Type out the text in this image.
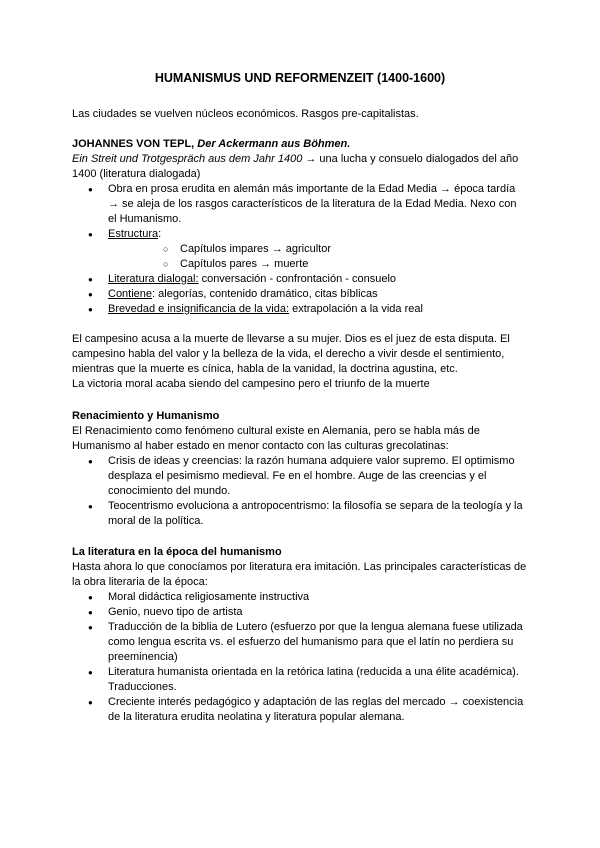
HUMANISMUS UND REFORMENZEIT (1400-1600)

Las ciudades se vuelven núcleos económicos. Rasgos pre-capitalistas.

JOHANNES VON TEPL, Der Ackermann aus Böhmen.

Ein Streit und Trotgespräch aus dem Jahr 1400 → una lucha y consuelo dialogados del año 1400 (literatura dialogada)

● Obra en prosa erudita en alemán más importante de la Edad Media → época tardía → se aleja de los rasgos característicos de la literatura de la Edad Media. Nexo con el Humanismo.
● Estructura:
○ Capítulos impares → agricultor
○ Capítulos pares → muerte
● Literatura dialogal: conversación - confrontación - consuelo
● Contiene: alegorías, contenido dramático, citas bíblicas
● Brevedad e insignificancia de la vida: extrapolación a la vida real

El campesino acusa a la muerte de llevarse a su mujer. Dios es el juez de esta disputa. El campesino habla del valor y la belleza de la vida, el derecho a vivir desde el sentimiento, mientras que la muerte es cínica, habla de la vanidad, la doctrina agustina, etc.

La victoria moral acaba siendo del campesino pero el triunfo de la muerte

Renacimiento y Humanismo

El Renacimiento como fenómeno cultural existe en Alemania, pero se habla más de Humanismo al haber estado en menor contacto con las culturas grecolatinas:

● Crisis de ideas y creencias: la razón humana adquiere valor supremo. El optimismo desplaza el pesimismo medieval. Fe en el hombre. Auge de las creencias y el conocimiento del mundo.
● Teocentrismo evoluciona a antropocentrismo: la filosofía se separa de la teología y la moral de la política.

La literatura en la época del humanismo

Hasta ahora lo que conocíamos por literatura era imitación. Las principales características de la obra literaria de la época:

● Moral didáctica religiosamente instructiva
● Genio, nuevo tipo de artista
● Traducción de la biblia de Lutero (esfuerzo por que la lengua alemana fuese utilizada como lengua escrita vs. el esfuerzo del humanismo para que el latín no perdiera su preeminencia)
● Literatura humanista orientada en la retórica latina (reducida a una élite académica). Traducciones.
● Creciente interés pedagógico y adaptación de las reglas del mercado → coexistencia de la literatura erudita neolatina y literatura popular alemana.
